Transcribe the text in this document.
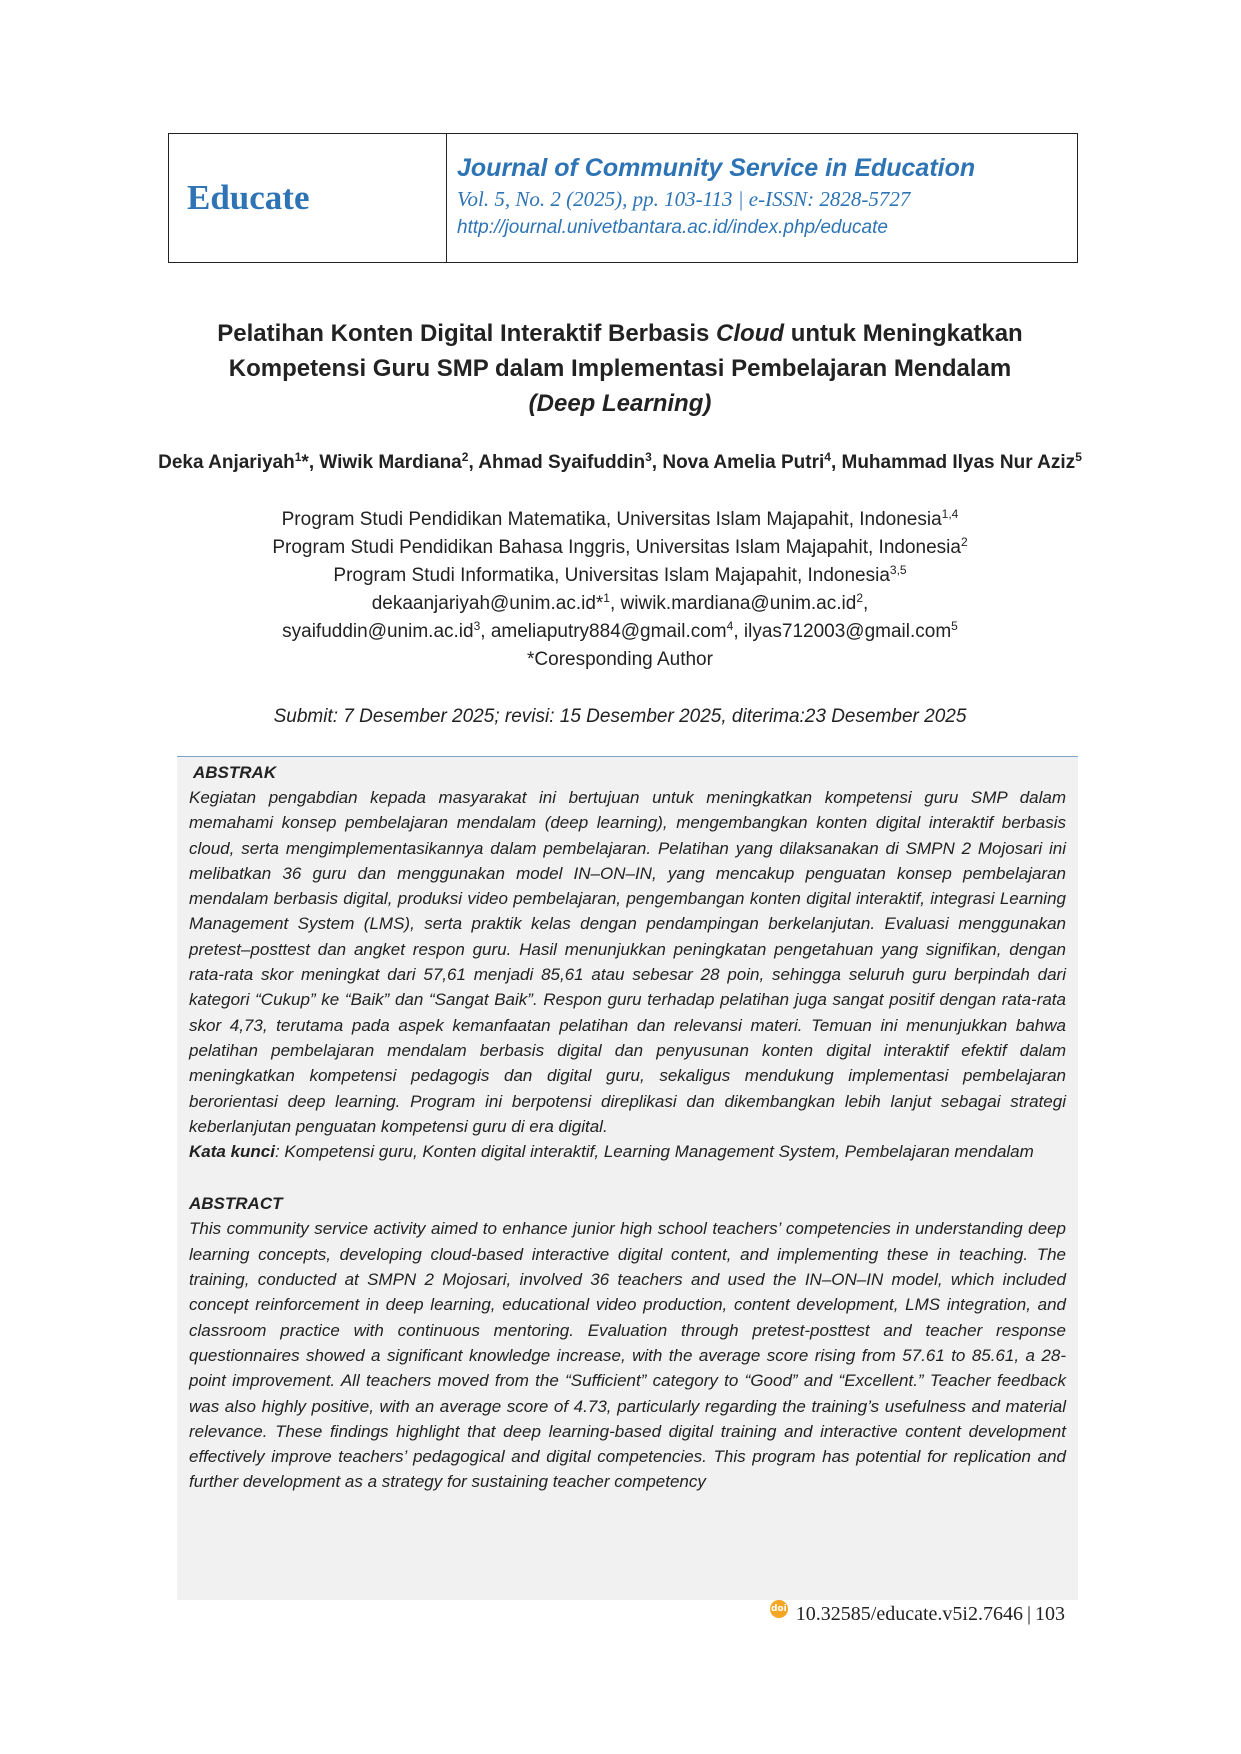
Educate

Journal of Community Service in Education

Vol. 5, No. 2 (2025), pp. 103-113 | e-ISSN: 2828-5727

http://journal.univetbantara.ac.id/index.php/educate

Pelatihan Konten Digital Interaktif Berbasis Cloud untuk Meningkatkan Kompetensi Guru SMP dalam Implementasi Pembelajaran Mendalam
(Deep Learning)

Deka Anjariyah$^1$*, Wiwik Mardiana$^2$, Ahmad Syaifuddin$^3$, Nova Amelia Putri$^4$, Muhammad Ilyas Nur Aziz$^5$

Program Studi Pendidikan Matematika, Universitas Islam Majapahit, Indonesia$^{1,4}$

Program Studi Pendidikan Bahasa Inggris, Universitas Islam Majapahit, Indonesia$^2$

Program Studi Informatika, Universitas Islam Majapahit, Indonesia$^{3,5}$

dekaanjariyah@unim.ac.id*$^1$, $wiwik.mardiana@unim.ac.id^2$,

$syaifuddin@unim.ac.id^3$, ameliaputry884@gmail.com$^4$, ilyas712003@gmail.com$^5$

*Coresponding Author

Submit: 7 Desember 2025; revisi: 15 Desember 2025, diterima:23 Desember 2025

ABSTRAK

Kegiatan pengabdian kepada masyarakat ini bertujuan untuk meningkatkan kompetensi guru SMP dalam memahami konsep pembelajaran mendalam (deep learning), mengembangkan konten digital interaktif berbasis cloud, serta mengimplementasikannya dalam pembelajaran. Pelatihan yang dilaksanakan di SMPN 2 Mojosari ini melibatkan 36 guru dan menggunakan model IN–ON–IN, yang mencakup penguatan konsep pembelajaran mendalam berbasis digital, produksi video pembelajaran, pengembangan konten digital interaktif, integrasi Learning Management System (LMS), serta praktik kelas dengan pendampingan berkelanjutan. Evaluasi menggunakan pretest–posttest dan angket respon guru. Hasil menunjukkan peningkatan pengetahuan yang signifikan, dengan rata-rata skor meningkat dari 57,61 menjadi 85,61 atau sebesar 28 poin, sehingga seluruh guru berpindah dari kategori “Cukup” ke “Baik” dan “Sangat Baik”. Respon guru terhadap pelatihan juga sangat positif dengan rata-rata skor 4,73, terutama pada aspek kemanfaatan pelatihan dan relevansi materi. Temuan ini menunjukkan bahwa pelatihan pembelajaran mendalam berbasis digital dan penyusunan konten digital interaktif efektif dalam meningkatkan kompetensi pedagogis dan digital guru, sekaligus mendukung implementasi pembelajaran berorientasi deep learning. Program ini berpotensi direplikasi dan dikembangkan lebih lanjut sebagai strategi keberlanjutan penguatan kompetensi guru di era digital.

Kata kunci: Kompetensi guru, Konten digital interaktif, Learning Management System, Pembelajaran mendalam

ABSTRACT

This community service activity aimed to enhance junior high school teachers’ competencies in understanding deep learning concepts, developing cloud-based interactive digital content, and implementing these in teaching. The training, conducted at SMPN 2 Mojosari, involved 36 teachers and used the IN–ON–IN model, which included concept reinforcement in deep learning, educational video production, content development, LMS integration, and classroom practice with continuous mentoring. Evaluation through pretest-posttest and teacher response questionnaires showed a significant knowledge increase, with the average score rising from 57.61 to 85.61, a 28-point improvement. All teachers moved from the “Sufficient” category to “Good” and “Excellent.” Teacher feedback was also highly positive, with an average score of 4.73, particularly regarding the training’s usefulness and material relevance. These findings highlight that deep learning-based digital training and interactive content development effectively improve teachers’ pedagogical and digital competencies. This program has potential for replication and further development as a strategy for sustaining teacher competency

doi 10.32585/educate.v5i2.7646 | 103
